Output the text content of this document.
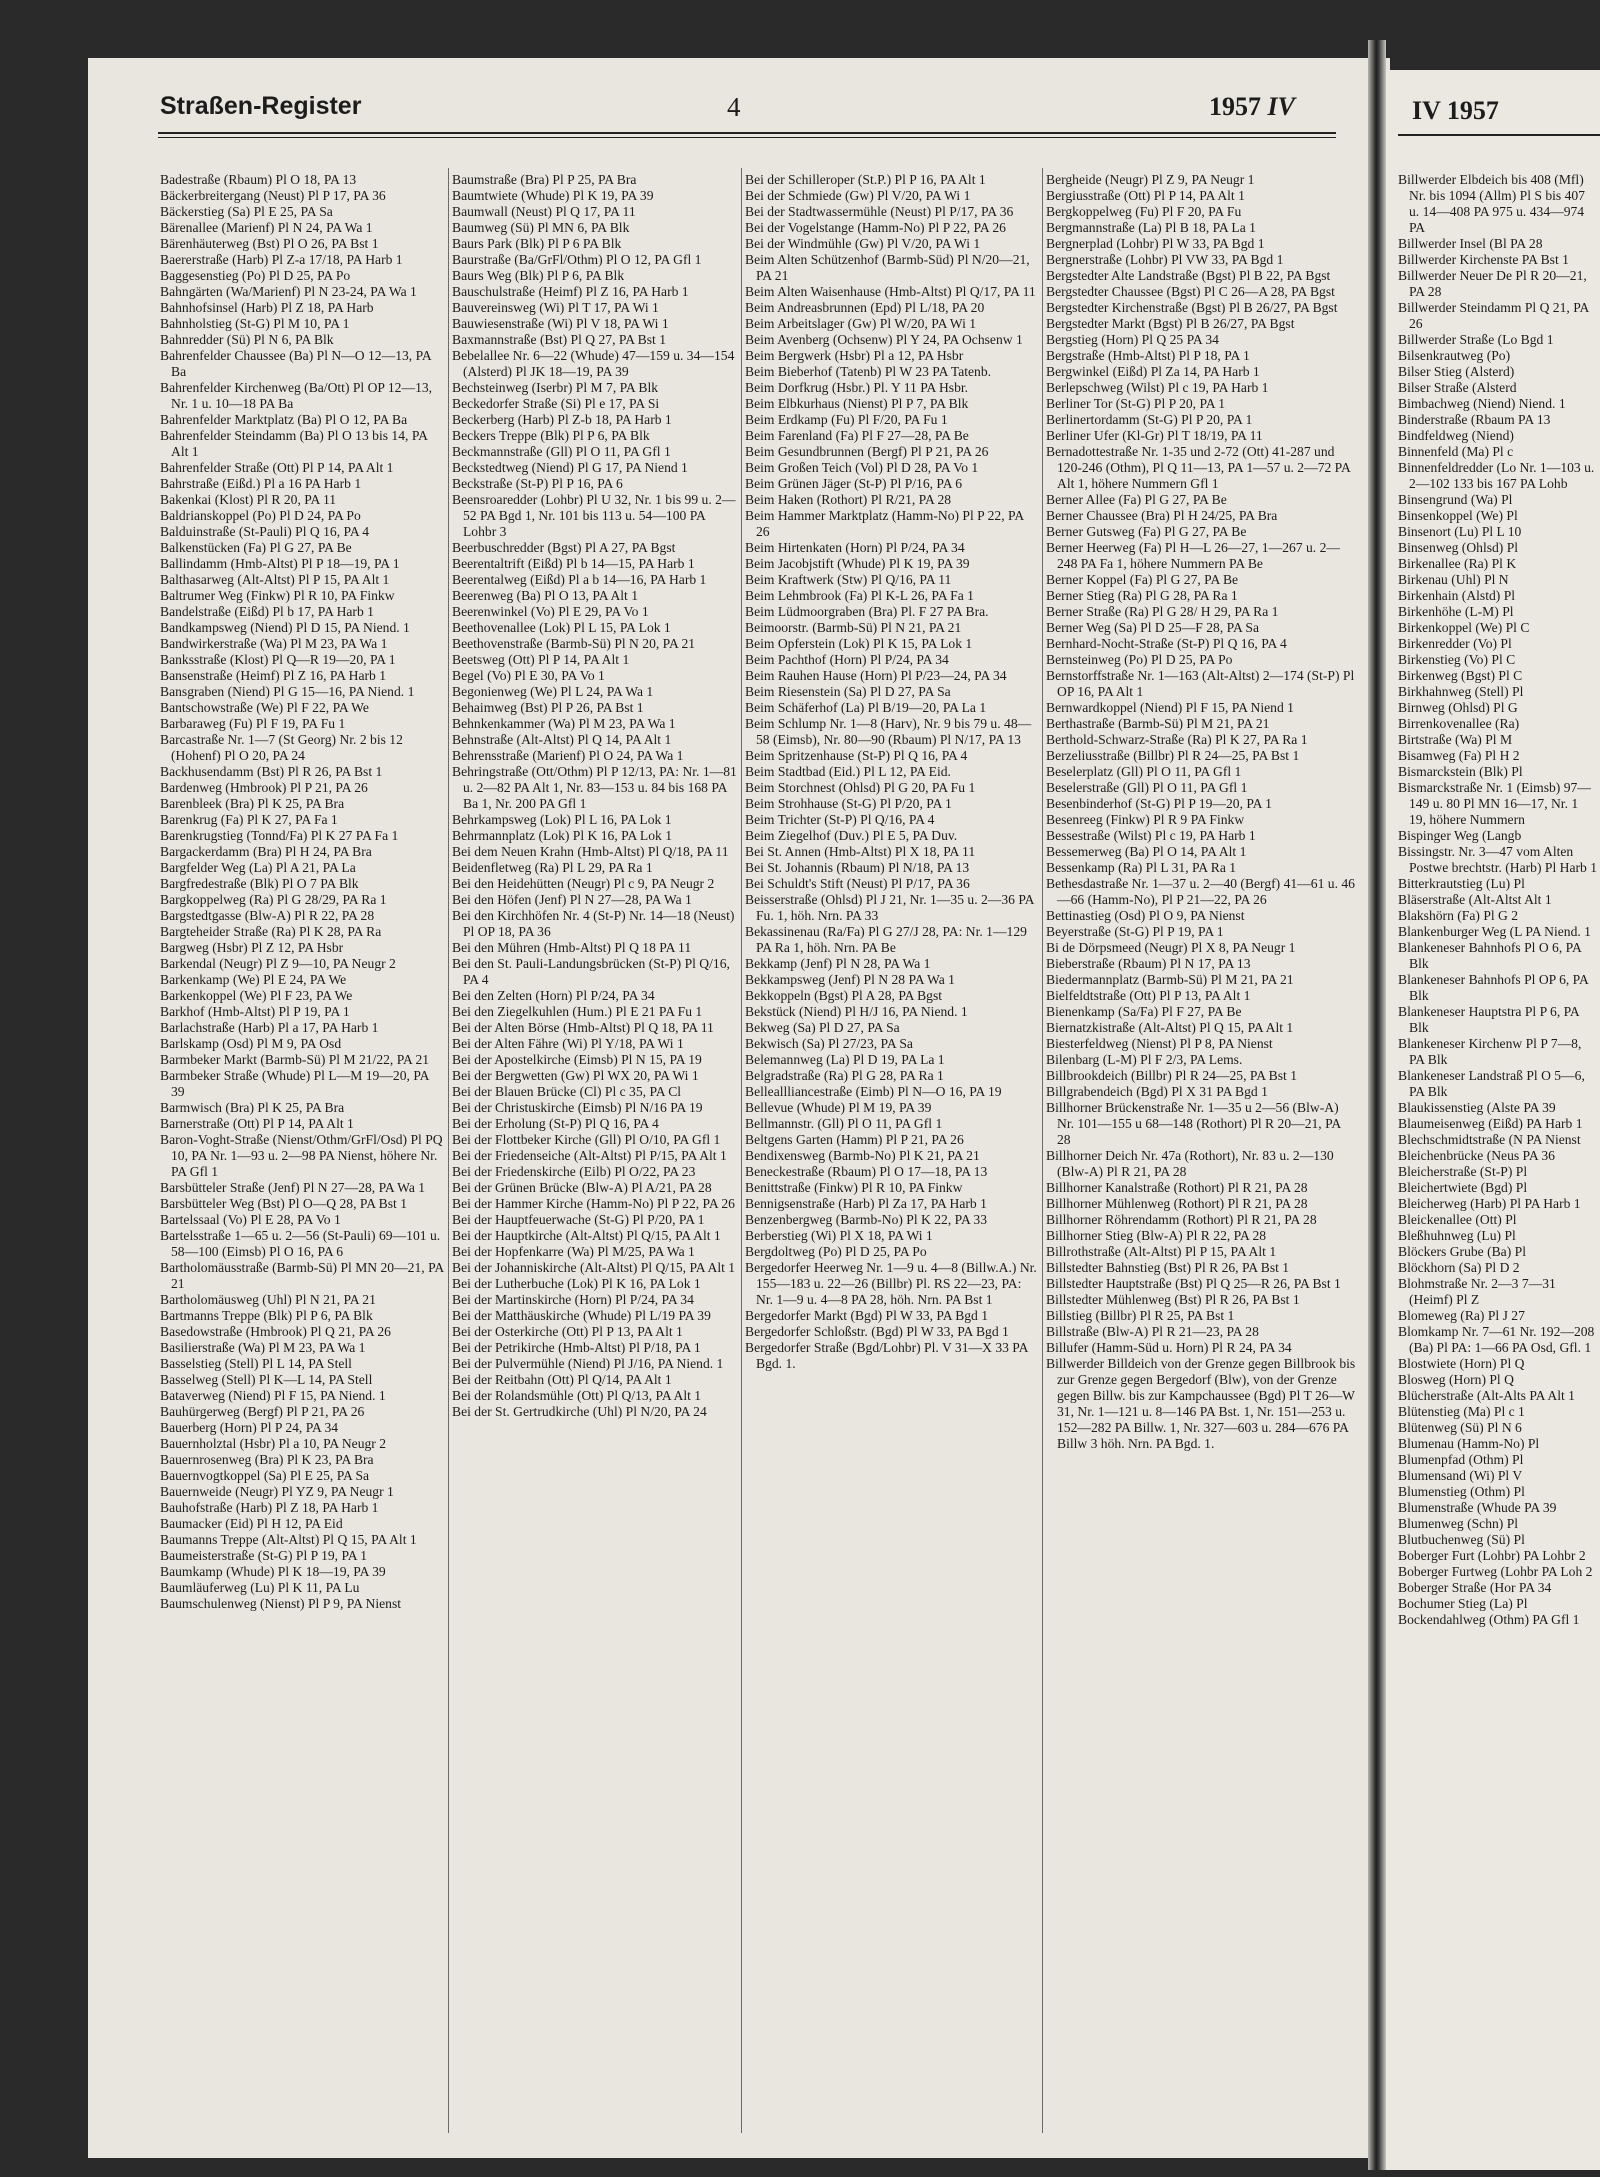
Straßen-Register	4	1957 IV	IV 1957
Badestraße (Rbaum) Pl O 18, PA 13
Bäckerbreitergang (Neust) Pl P 17, PA 36
Bäckerstieg (Sa) Pl E 25, PA Sa
Bärenallee (Marienf) Pl N 24, PA Wa 1
Bärenhäuterweg (Bst) Pl O 26, PA Bst 1
Baererstraße (Harb) Pl Z-a 17/18, PA Harb 1
Baggesenstieg (Po) Pl D 25, PA Po
Bahngärten (Wa/Marienf) Pl N 23-24, PA Wa 1
Bahnhofsinsel (Harb) Pl Z 18, PA Harb
Bahnholstieg (St-G) Pl M 10, PA 1
Bahnredder (Sü) Pl N 6, PA Blk
Bahrenfelder Chaussee (Ba) Pl N—O 12—13, PA Ba
Bahrenfelder Kirchenweg (Ba/Ott) Pl OP 12—13, Nr. 1 u. 10—18 PA Ba
Bahrenfelder Marktplatz (Ba) Pl O 12, PA Ba
Bahrenfelder Steindamm (Ba) Pl O 13 bis 14, PA Alt 1
Bahrenfelder Straße (Ott) Pl P 14, PA Alt 1
Bahrstraße (Eißd.) Pl a 16 PA Harb 1
Bakenkai (Klost) Pl R 20, PA 11
Baldrianskoppel (Po) Pl D 24, PA Po
Balduinstraße (St-Pauli) Pl Q 16, PA 4
Balkenstücken (Fa) Pl G 27, PA Be
Ballindamm (Hmb-Altst) Pl P 18—19, PA 1
Balthasarweg (Alt-Altst) Pl P 15, PA Alt 1
Baltrumer Weg (Finkw) Pl R 10, PA Finkw
Bandelstraße (Eißd) Pl b 17, PA Harb 1
Bandkampsweg (Niend) Pl D 15, PA Niend. 1
Bandwirkerstraße (Wa) Pl M 23, PA Wa 1
Banksstraße (Klost) Pl Q—R 19—20, PA 1
Bansenstraße (Heimf) Pl Z 16, PA Harb 1
Bansgraben (Niend) Pl G 15—16, PA Niend. 1
Bantschowstraße (We) Pl F 22, PA We
Barbaraweg (Fu) Pl F 19, PA Fu 1
Barcastraße Nr. 1—7 (St Georg) Nr. 2 bis 12 (Hohenf) Pl O 20, PA 24
Backhusendamm (Bst) Pl R 26, PA Bst 1
Bardenweg (Hmbrook) Pl P 21, PA 26
Barenbleek (Bra) Pl K 25, PA Bra
Barenkrug (Fa) Pl K 27, PA Fa 1
Barenkrugstieg (Tonnd/Fa) Pl K 27 PA Fa 1
Bargackerdamm (Bra) Pl H 24, PA Bra
Bargfelder Weg (La) Pl A 21, PA La
Bargfredestraße (Blk) Pl O 7 PA Blk
Bargkoppelweg (Ra) Pl G 28/29, PA Ra 1
Bargstedtgasse (Blw-A) Pl R 22, PA 28
Bargteheider Straße (Ra) Pl K 28, PA Ra
Bargweg (Hsbr) Pl Z 12, PA Hsbr
Barkendal (Neugr) Pl Z 9—10, PA Neugr 2
Barkenkamp (We) Pl E 24, PA We
Barkenkoppel (We) Pl F 23, PA We
Barkhof (Hmb-Altst) Pl P 19, PA 1
Barlachstraße (Harb) Pl a 17, PA Harb 1
Barlskamp (Osd) Pl M 9, PA Osd
Barmbeker Markt (Barmb-Sü) Pl M 21/22, PA 21
Barmbeker Straße (Whude) Pl L—M 19—20, PA 39
Barmwisch (Bra) Pl K 25, PA Bra
Barnerstraße (Ott) Pl P 14, PA Alt 1
Baron-Voght-Straße (Nienst/Othm/GrFl/Osd) Pl PQ 10, PA Nr. 1—93 u. 2—98 PA Nienst, höhere Nr. PA Gfl 1
Barsbütteler Straße (Jenf) Pl N 27—28, PA Wa 1
Barsbütteler Weg (Bst) Pl O—Q 28, PA Bst 1
Bartelssaal (Vo) Pl E 28, PA Vo 1
Bartelsstraße 1—65 u. 2—56 (St-Pauli) 69—101 u. 58—100 (Eimsb) Pl O 16, PA 6
Bartholomäusstraße (Barmb-Sü) Pl MN 20—21, PA 21
Bartholomäusweg (Uhl) Pl N 21, PA 21
Bartmanns Treppe (Blk) Pl P 6, PA Blk
Basedowstraße (Hmbrook) Pl Q 21, PA 26
Basilierstraße (Wa) Pl M 23, PA Wa 1
Basselstieg (Stell) Pl L 14, PA Stell
Basselweg (Stell) Pl K—L 14, PA Stell
Bataverweg (Niend) Pl F 15, PA Niend. 1
Bauhürgerweg (Bergf) Pl P 21, PA 26
Bauerberg (Horn) Pl P 24, PA 34
Bauernholztal (Hsbr) Pl a 10, PA Neugr 2
Bauernrosenweg (Bra) Pl K 23, PA Bra
Bauernvogtkoppel (Sa) Pl E 25, PA Sa
Bauernweide (Neugr) Pl YZ 9, PA Neugr 1
Bauhofstraße (Harb) Pl Z 18, PA Harb 1
Baumacker (Eid) Pl H 12, PA Eid
Baumanns Treppe (Alt-Altst) Pl Q 15, PA Alt 1
Baumeisterstraße (St-G) Pl P 19, PA 1
Baumkamp (Whude) Pl K 18—19, PA 39
Baumläuferweg (Lu) Pl K 11, PA Lu
Baumschulenweg (Nienst) Pl P 9, PA Nienst
Baumstraße (Bra) Pl P 25, PA Bra
Baumtwiete (Whude) Pl K 19, PA 39
Baumwall (Neust) Pl Q 17, PA 11
Baumweg (Sü) Pl MN 6, PA Blk
Baurs Park (Blk) Pl P 6 PA Blk
Baurstraße (Ba/GrFl/Othm) Pl O 12, PA Gfl 1
Baurs Weg (Blk) Pl P 6, PA Blk
Bauschulstraße (Heimf) Pl Z 16, PA Harb 1
Bauvereinsweg (Wi) Pl T 17, PA Wi 1
Bauwiesenstraße (Wi) Pl V 18, PA Wi 1
Baxmannstraße (Bst) Pl Q 27, PA Bst 1
Bebelallee Nr. 6—22 (Whude) 47—159 u. 34—154 (Alsterd) Pl JK 18—19, PA 39
Bechsteinweg (Iserbr) Pl M 7, PA Blk
Beckedorfer Straße (Si) Pl e 17, PA Si
Beckerberg (Harb) Pl Z-b 18, PA Harb 1
Beckers Treppe (Blk) Pl P 6, PA Blk
Beckmannstraße (Gll) Pl O 11, PA Gfl 1
Beckstedtweg (Niend) Pl G 17, PA Niend 1
Beckstraße (St-P) Pl P 16, PA 6
Beensroaredder (Lohbr) Pl U 32, Nr. 1 bis 99 u. 2—52 PA Bgd 1, Nr. 101 bis 113 u. 54—100 PA Lohbr 3
Beerbuschredder (Bgst) Pl A 27, PA Bgst
Beerentaltrift (Eißd) Pl b 14—15, PA Harb 1
Beerentalweg (Eißd) Pl a b 14—16, PA Harb 1
Beerenweg (Ba) Pl O 13, PA Alt 1
Beerenwinkel (Vo) Pl E 29, PA Vo 1
Beethovenallee (Lok) Pl L 15, PA Lok 1
Beethovenstraße (Barmb-Sü) Pl N 20, PA 21
Beetsweg (Ott) Pl P 14, PA Alt 1
Begel (Vo) Pl E 30, PA Vo 1
Begonienweg (We) Pl L 24, PA Wa 1
Behaimweg (Bst) Pl P 26, PA Bst 1
Behnkenkammer (Wa) Pl M 23, PA Wa 1
Behnstraße (Alt-Altst) Pl Q 14, PA Alt 1
Behrensstraße (Marienf) Pl O 24, PA Wa 1
Behringstraße (Ott/Othm) Pl P 12/13, PA: Nr. 1—81 u. 2—82 PA Alt 1, Nr. 83—153 u. 84 bis 168 PA Ba 1, Nr. 200 PA Gfl 1
Behrkampsweg (Lok) Pl L 16, PA Lok 1
Behrmannplatz (Lok) Pl K 16, PA Lok 1
Bei dem Neuen Krahn (Hmb-Altst) Pl Q/18, PA 11
Beidenfletweg (Ra) Pl L 29, PA Ra 1
Bei den Heidehütten (Neugr) Pl c 9, PA Neugr 2
Bei den Höfen (Jenf) Pl N 27—28, PA Wa 1
Bei den Kirchhöfen Nr. 4 (St-P) Nr. 14—18 (Neust) Pl OP 18, PA 36
Bei den Mühren (Hmb-Altst) Pl Q 18 PA 11
Bei den St. Pauli-Landungsbrücken (St-P) Pl Q/16, PA 4
Bei den Zelten (Horn) Pl P/24, PA 34
Bei den Ziegelkuhlen (Hum.) Pl E 21 PA Fu 1
Bei der Alten Börse (Hmb-Altst) Pl Q 18, PA 11
Bei der Alten Fähre (Wi) Pl Y/18, PA Wi 1
Bei der Apostelkirche (Eimsb) Pl N 15, PA 19
Bei der Bergwetten (Gw) Pl WX 20, PA Wi 1
Bei der Blauen Brücke (Cl) Pl c 35, PA Cl
Bei der Christuskirche (Eimsb) Pl N/16 PA 19
Bei der Erholung (St-P) Pl Q 16, PA 4
Bei der Flottbeker Kirche (Gll) Pl O/10, PA Gfl 1
Bei der Friedenseiche (Alt-Altst) Pl P/15, PA Alt 1
Bei der Friedenskirche (Eilb) Pl O/22, PA 23
Bei der Grünen Brücke (Blw-A) Pl A/21, PA 28
Bei der Hammer Kirche (Hamm-No) Pl P 22, PA 26
Bei der Hauptfeuerwache (St-G) Pl P/20, PA 1
Bei der Hauptkirche (Alt-Altst) Pl Q/15, PA Alt 1
Bei der Hopfenkarre (Wa) Pl M/25, PA Wa 1
Bei der Johanniskirche (Alt-Altst) Pl Q/15, PA Alt 1
Bei der Lutherbuche (Lok) Pl K 16, PA Lok 1
Bei der Martinskirche (Horn) Pl P/24, PA 34
Bei der Matthäuskirche (Whude) Pl L/19 PA 39
Bei der Osterkirche (Ott) Pl P 13, PA Alt 1
Bei der Petrikirche (Hmb-Altst) Pl P/18, PA 1
Bei der Pulvermühle (Niend) Pl J/16, PA Niend. 1
Bei der Reitbahn (Ott) Pl Q/14, PA Alt 1
Bei der Rolandsmühle (Ott) Pl Q/13, PA Alt 1
Bei der St. Gertrudkirche (Uhl) Pl N/20, PA 24
Bei der Schilleroper (St.P.) Pl P 16, PA Alt 1
Bei der Schmiede (Gw) Pl V/20, PA Wi 1
Bei der Stadtwassermühle (Neust) Pl P/17, PA 36
Bei der Vogelstange (Hamm-No) Pl P 22, PA 26
Bei der Windmühle (Gw) Pl V/20, PA Wi 1
Beim Alten Schützenhof (Barmb-Süd) Pl N/20—21, PA 21
Beim Alten Waisenhause (Hmb-Altst) Pl Q/17, PA 11
Beim Andreasbrunnen (Epd) Pl L/18, PA 20
Beim Arbeitslager (Gw) Pl W/20, PA Wi 1
Beim Avenberg (Ochsenw) Pl Y 24, PA Ochsenw 1
Beim Bergwerk (Hsbr) Pl a 12, PA Hsbr
Beim Bieberhof (Tatenb) Pl W 23 PA Tatenb.
Beim Dorfkrug (Hsbr.) Pl. Y 11 PA Hsbr.
Beim Elbkurhaus (Nienst) Pl P 7, PA Blk
Beim Erdkamp (Fu) Pl F/20, PA Fu 1
Beim Farenland (Fa) Pl F 27—28, PA Be
Beim Gesundbrunnen (Bergf) Pl P 21, PA 26
Beim Großen Teich (Vol) Pl D 28, PA Vo 1
Beim Grünen Jäger (St-P) Pl P/16, PA 6
Beim Haken (Rothort) Pl R/21, PA 28
Beim Hammer Marktplatz (Hamm-No) Pl P 22, PA 26
Beim Hirtenkaten (Horn) Pl P/24, PA 34
Beim Jacobjstift (Whude) Pl K 19, PA 39
Beim Kraftwerk (Stw) Pl Q/16, PA 11
Beim Lehmbrook (Fa) Pl K-L 26, PA Fa 1
Beim Lüdmoorgraben (Bra) Pl. F 27 PA Bra.
Beimoorstr. (Barmb-Sü) Pl N 21, PA 21
Beim Opferstein (Lok) Pl K 15, PA Lok 1
Beim Pachthof (Horn) Pl P/24, PA 34
Beim Rauhen Hause (Horn) Pl P/23—24, PA 34
Beim Riesenstein (Sa) Pl D 27, PA Sa
Beim Schäferhof (La) Pl B/19—20, PA La 1
Beim Schlump Nr. 1—8 (Harv), Nr. 9 bis 79 u. 48—58 (Eimsb), Nr. 80—90 (Rbaum) Pl N/17, PA 13
Beim Spritzenhause (St-P) Pl Q 16, PA 4
Beim Stadtbad (Eid.) Pl L 12, PA Eid.
Beim Storchnest (Ohlsd) Pl G 20, PA Fu 1
Beim Strohhause (St-G) Pl P/20, PA 1
Beim Trichter (St-P) Pl Q/16, PA 4
Beim Ziegelhof (Duv.) Pl E 5, PA Duv.
Bei St. Annen (Hmb-Altst) Pl X 18, PA 11
Bei St. Johannis (Rbaum) Pl N/18, PA 13
Bei Schuldt's Stift (Neust) Pl P/17, PA 36
Beisserstraße (Ohlsd) Pl J 21, Nr. 1—35 u. 2—36 PA Fu. 1, höh. Nrn. PA 33
Bekassinenau (Ra/Fa) Pl G 27/J 28, PA: Nr. 1—129 PA Ra 1, höh. Nrn. PA Be
Bekkamp (Jenf) Pl N 28, PA Wa 1
Bekkampsweg (Jenf) Pl N 28 PA Wa 1
Bekkoppeln (Bgst) Pl A 28, PA Bgst
Bekstück (Niend) Pl H/J 16, PA Niend. 1
Bekweg (Sa) Pl D 27, PA Sa
Bekwisch (Sa) Pl 27/23, PA Sa
Belemannweg (La) Pl D 19, PA La 1
Belgradstraße (Ra) Pl G 28, PA Ra 1
Belleallliancestraße (Eimb) Pl N—O 16, PA 19
Bellevue (Whude) Pl M 19, PA 39
Bellmannstr. (Gll) Pl O 11, PA Gfl 1
Beltgens Garten (Hamm) Pl P 21, PA 26
Bendixensweg (Barmb-No) Pl K 21, PA 21
Beneckestraße (Rbaum) Pl O 17—18, PA 13
Benittstraße (Finkw) Pl R 10, PA Finkw
Bennigsenstraße (Harb) Pl Za 17, PA Harb 1
Benzenbergweg (Barmb-No) Pl K 22, PA 33
Berberstieg (Wi) Pl X 18, PA Wi 1
Bergdoltweg (Po) Pl D 25, PA Po
Bergedorfer Heerweg Nr. 1—9 u. 4—8 (Billw.A.) Nr. 155—183 u. 22—26 (Billbr) Pl. RS 22—23, PA: Nr. 1—9 u. 4—8 PA 28, höh. Nrn. PA Bst 1
Bergedorfer Markt (Bgd) Pl W 33, PA Bgd 1
Bergedorfer Schloßstr. (Bgd) Pl W 33, PA Bgd 1
Bergedorfer Straße (Bgd/Lohbr) Pl. V 31—X 33 PA Bgd. 1.
Bergheide (Neugr) Pl Z 9, PA Neugr 1
Bergiusstraße (Ott) Pl P 14, PA Alt 1
Bergkoppelweg (Fu) Pl F 20, PA Fu
Bergmannstraße (La) Pl B 18, PA La 1
Bergnerplad (Lohbr) Pl W 33, PA Bgd 1
Bergnerstraße (Lohbr) Pl VW 33, PA Bgd 1
Bergstedter Alte Landstraße (Bgst) Pl B 22, PA Bgst
Bergstedter Chaussee (Bgst) Pl C 26—A 28, PA Bgst
Bergstedter Kirchenstraße (Bgst) Pl B 26/27, PA Bgst
Bergstedter Markt (Bgst) Pl B 26/27, PA Bgst
Bergstieg (Horn) Pl Q 25 PA 34
Bergstraße (Hmb-Altst) Pl P 18, PA 1
Bergwinkel (Eißd) Pl Za 14, PA Harb 1
Berlepschweg (Wilst) Pl c 19, PA Harb 1
Berliner Tor (St-G) Pl P 20, PA 1
Berlinertordamm (St-G) Pl P 20, PA 1
Berliner Ufer (Kl-Gr) Pl T 18/19, PA 11
Bernadottestraße Nr. 1-35 und 2-72 (Ott) 41-287 und 120-246 (Othm), Pl Q 11—13, PA 1—57 u. 2—72 PA Alt 1, höhere Nummern Gfl 1
Berner Allee (Fa) Pl G 27, PA Be
Berner Chaussee (Bra) Pl H 24/25, PA Bra
Berner Gutsweg (Fa) Pl G 27, PA Be
Berner Heerweg (Fa) Pl H—L 26—27, 1—267 u. 2—248 PA Fa 1, höhere Nummern PA Be
Berner Koppel (Fa) Pl G 27, PA Be
Berner Stieg (Ra) Pl G 28, PA Ra 1
Berner Straße (Ra) Pl G 28/ H 29, PA Ra 1
Berner Weg (Sa) Pl D 25—F 28, PA Sa
Bernhard-Nocht-Straße (St-P) Pl Q 16, PA 4
Bernsteinweg (Po) Pl D 25, PA Po
Bernstorffstraße Nr. 1—163 (Alt-Altst) 2—174 (St-P) Pl OP 16, PA Alt 1
Bernwardkoppel (Niend) Pl F 15, PA Niend 1
Berthastraße (Barmb-Sü) Pl M 21, PA 21
Berthold-Schwarz-Straße (Ra) Pl K 27, PA Ra 1
Berzeliusstraße (Billbr) Pl R 24—25, PA Bst 1
Beselerplatz (Gll) Pl O 11, PA Gfl 1
Beselerstraße (Gll) Pl O 11, PA Gfl 1
Besenbinderhof (St-G) Pl P 19—20, PA 1
Besenreeg (Finkw) Pl R 9 PA Finkw
Bessestraße (Wilst) Pl c 19, PA Harb 1
Bessemerweg (Ba) Pl O 14, PA Alt 1
Bessenkamp (Ra) Pl L 31, PA Ra 1
Bethesdastraße Nr. 1—37 u. 2—40 (Bergf) 41—61 u. 46—66 (Hamm-No), Pl P 21—22, PA 26
Bettinastieg (Osd) Pl O 9, PA Nienst
Beyerstraße (St-G) Pl P 19, PA 1
Bi de Dörpsmeed (Neugr) Pl X 8, PA Neugr 1
Bieberstraße (Rbaum) Pl N 17, PA 13
Biedermannplatz (Barmb-Sü) Pl M 21, PA 21
Bielfeldtstraße (Ott) Pl P 13, PA Alt 1
Bienenkamp (Sa/Fa) Pl F 27, PA Be
Biernatzkistraße (Alt-Altst) Pl Q 15, PA Alt 1
Biesterfeldweg (Nienst) Pl P 8, PA Nienst
Bilenbarg (L-M) Pl F 2/3, PA Lems.
Billbrookdeich (Billbr) Pl R 24—25, PA Bst 1
Billgrabendeich (Bgd) Pl X 31 PA Bgd 1
Billhorner Brückenstraße Nr. 1—35 u 2—56 (Blw-A) Nr. 101—155 u 68—148 (Rothort) Pl R 20—21, PA 28
Billhorner Deich Nr. 47a (Rothort), Nr. 83 u. 2—130 (Blw-A) Pl R 21, PA 28
Billhorner Kanalstraße (Rothort) Pl R 21, PA 28
Billhorner Mühlenweg (Rothort) Pl R 21, PA 28
Billhorner Röhrendamm (Rothort) Pl R 21, PA 28
Billhorner Stieg (Blw-A) Pl R 22, PA 28
Billrothstraße (Alt-Altst) Pl P 15, PA Alt 1
Billstedter Bahnstieg (Bst) Pl R 26, PA Bst 1
Billstedter Hauptstraße (Bst) Pl Q 25—R 26, PA Bst 1
Billstedter Mühlenweg (Bst) Pl R 26, PA Bst 1
Billstieg (Billbr) Pl R 25, PA Bst 1
Billstraße (Blw-A) Pl R 21—23, PA 28
Billufer (Hamm-Süd u. Horn) Pl R 24, PA 34
Billwerder Billdeich von der Grenze gegen Billbrook bis zur Grenze gegen Bergedorf (Blw), von der Grenze gegen Billw. bis zur Kampchaussee (Bgd) Pl T 26—W 31, Nr. 1—121 u. 8—146 PA Bst. 1, Nr. 151—253 u. 152—282 PA Billw. 1, Nr. 327—603 u. 284—676 PA Billw 3 höh. Nrn. PA Bgd. 1.
Billwerder Elbdeich bis 408 (Mfl) Nr. bis 1094 (Allm) Pl S bis 407 u. 14—408 PA 975 u. 434—974 PA
Billwerder Insel (Bl PA 28
Billwerder Kirchenste PA Bst 1
Billwerder Neuer De Pl R 20—21, PA 28
Billwerder Steindamm Pl Q 21, PA 26
Billwerder Straße (Lo Bgd 1
Bilsenkrautweg (Po)
Bilser Stieg (Alsterd)
Bilser Straße (Alsterd
Bimbachweg (Niend) Niend. 1
Binderstraße (Rbaum PA 13
Bindfeldweg (Niend)
Binnenfeld (Ma) Pl c
Binnenfeldredder (Lo Nr. 1—103 u. 2—102 133 bis 167 PA Lohb
Binsengrund (Wa) Pl
Binsenkoppel (We) Pl
Binsenort (Lu) Pl L 10
Binsenweg (Ohlsd) Pl
Birkenallee (Ra) Pl K
Birkenau (Uhl) Pl N
Birkenhain (Alstd) Pl
Birkenhöhe (L-M) Pl
Birkenkoppel (We) Pl C
Birkenredder (Vo) Pl
Birkenstieg (Vo) Pl C
Birkenweg (Bgst) Pl C
Birkhahnweg (Stell) Pl
Birnweg (Ohlsd) Pl G
Birrenkovenallee (Ra)
Birtstraße (Wa) Pl M
Bisamweg (Fa) Pl H 2
Bismarckstein (Blk) Pl
Bismarckstraße Nr. 1 (Eimsb) 97—149 u. 80 Pl MN 16—17, Nr. 1 19, höhere Nummern
Bispinger Weg (Langb
Bissingstr. Nr. 3—47 vom Alten Postwe brechtstr. (Harb) Pl Harb 1
Bitterkrautstieg (Lu) Pl
Bläserstraße (Alt-Altst Alt 1
Blakshörn (Fa) Pl G 2
Blankenburger Weg (L PA Niend. 1
Blankeneser Bahnhofs Pl O 6, PA Blk
Blankeneser Bahnhofs Pl OP 6, PA Blk
Blankeneser Hauptstra Pl P 6, PA Blk
Blankeneser Kirchenw Pl P 7—8, PA Blk
Blankeneser Landstraß Pl O 5—6, PA Blk
Blaukissenstieg (Alste PA 39
Blaumeisenweg (Eißd) PA Harb 1
Blechschmidtstraße (N PA Nienst
Bleichenbrücke (Neus PA 36
Bleicherstraße (St-P) Pl
Bleichertwiete (Bgd) Pl
Bleicherweg (Harb) Pl PA Harb 1
Bleickenallee (Ott) Pl
Bleßhuhnweg (Lu) Pl
Blöckers Grube (Ba) Pl
Blöckhorn (Sa) Pl D 2
Blohmstraße Nr. 2—3 7—31 (Heimf) Pl Z
Blomeweg (Ra) Pl J 27
Blomkamp Nr. 7—61 Nr. 192—208 (Ba) Pl PA: 1—66 PA Osd, Gfl. 1
Blostwiete (Horn) Pl Q
Blosweg (Horn) Pl Q
Blücherstraße (Alt-Alts PA Alt 1
Blütenstieg (Ma) Pl c 1
Blütenweg (Sü) Pl N 6
Blumenau (Hamm-No) Pl
Blumenpfad (Othm) Pl
Blumensand (Wi) Pl V
Blumenstieg (Othm) Pl
Blumenstraße (Whude PA 39
Blumenweg (Schn) Pl
Blutbuchenweg (Sü) Pl
Boberger Furt (Lohbr) PA Lohbr 2
Boberger Furtweg (Lohbr PA Loh 2
Boberger Straße (Hor PA 34
Bochumer Stieg (La) Pl
Bockendahlweg (Othm) PA Gfl 1
